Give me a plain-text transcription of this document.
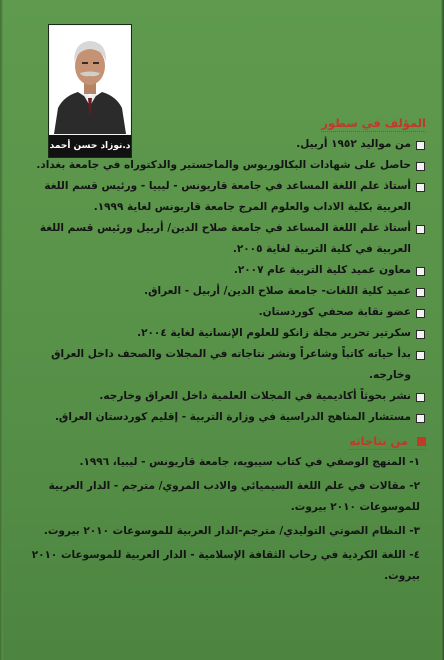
د.نوزاد حسن أحمد
المؤلف في سطور
من مواليد ١٩٥٢ أربيل.
حاصل على شهادات البكالوريوس والماجستير والدكتوراه في جامعة بغداد.
أستاذ علم اللغة المساعد في جامعة قاريونس - ليبيا - ورئيس قسم اللغة العربية بكلية الاداب والعلوم المرج جامعة قاريونس لغاية ١٩٩٩.
أستاذ علم اللغة المساعد في جامعة صلاح الدين/ أربيل ورئيس قسم اللغة العربية في كلية التربية لغاية ٢٠٠٥.
معاون عميد كلية التربية عام ٢٠٠٧.
عميد كلية اللغات- جامعة صلاح الدين/ أربيل - العراق.
عضو نقابة صحفي كوردستان.
سكرتير تحرير مجلة زانكو للعلوم الإنسانية لغاية ٢٠٠٤.
بدأ حياته كاتباً وشاعراً ونشر نتاجاته في المجلات والصحف داخل العراق وخارجه.
نشر بحوثاً أكاديمية في المجلات العلمية داخل العراق وخارجه.
مستشار المناهج الدراسية في وزارة التربية - إقليم كوردستان العراق.
من نتاجاته
١- المنهج الوصفي في كتاب سيبويه، جامعة قاريونس - ليبيا، ١٩٩٦.
٢- مقالات في علم اللغة السيميائي والادب المروي/ مترجم - الدار العربية للموسوعات ٢٠١٠ بيروت.
٣- النظام الصوتي التوليدي/ مترجم-الدار العربية للموسوعات ٢٠١٠ بيروت.
٤- اللغة الكردية في رحاب الثقافة الإسلامية - الدار العربية للموسوعات ٢٠١٠ بيروت.
